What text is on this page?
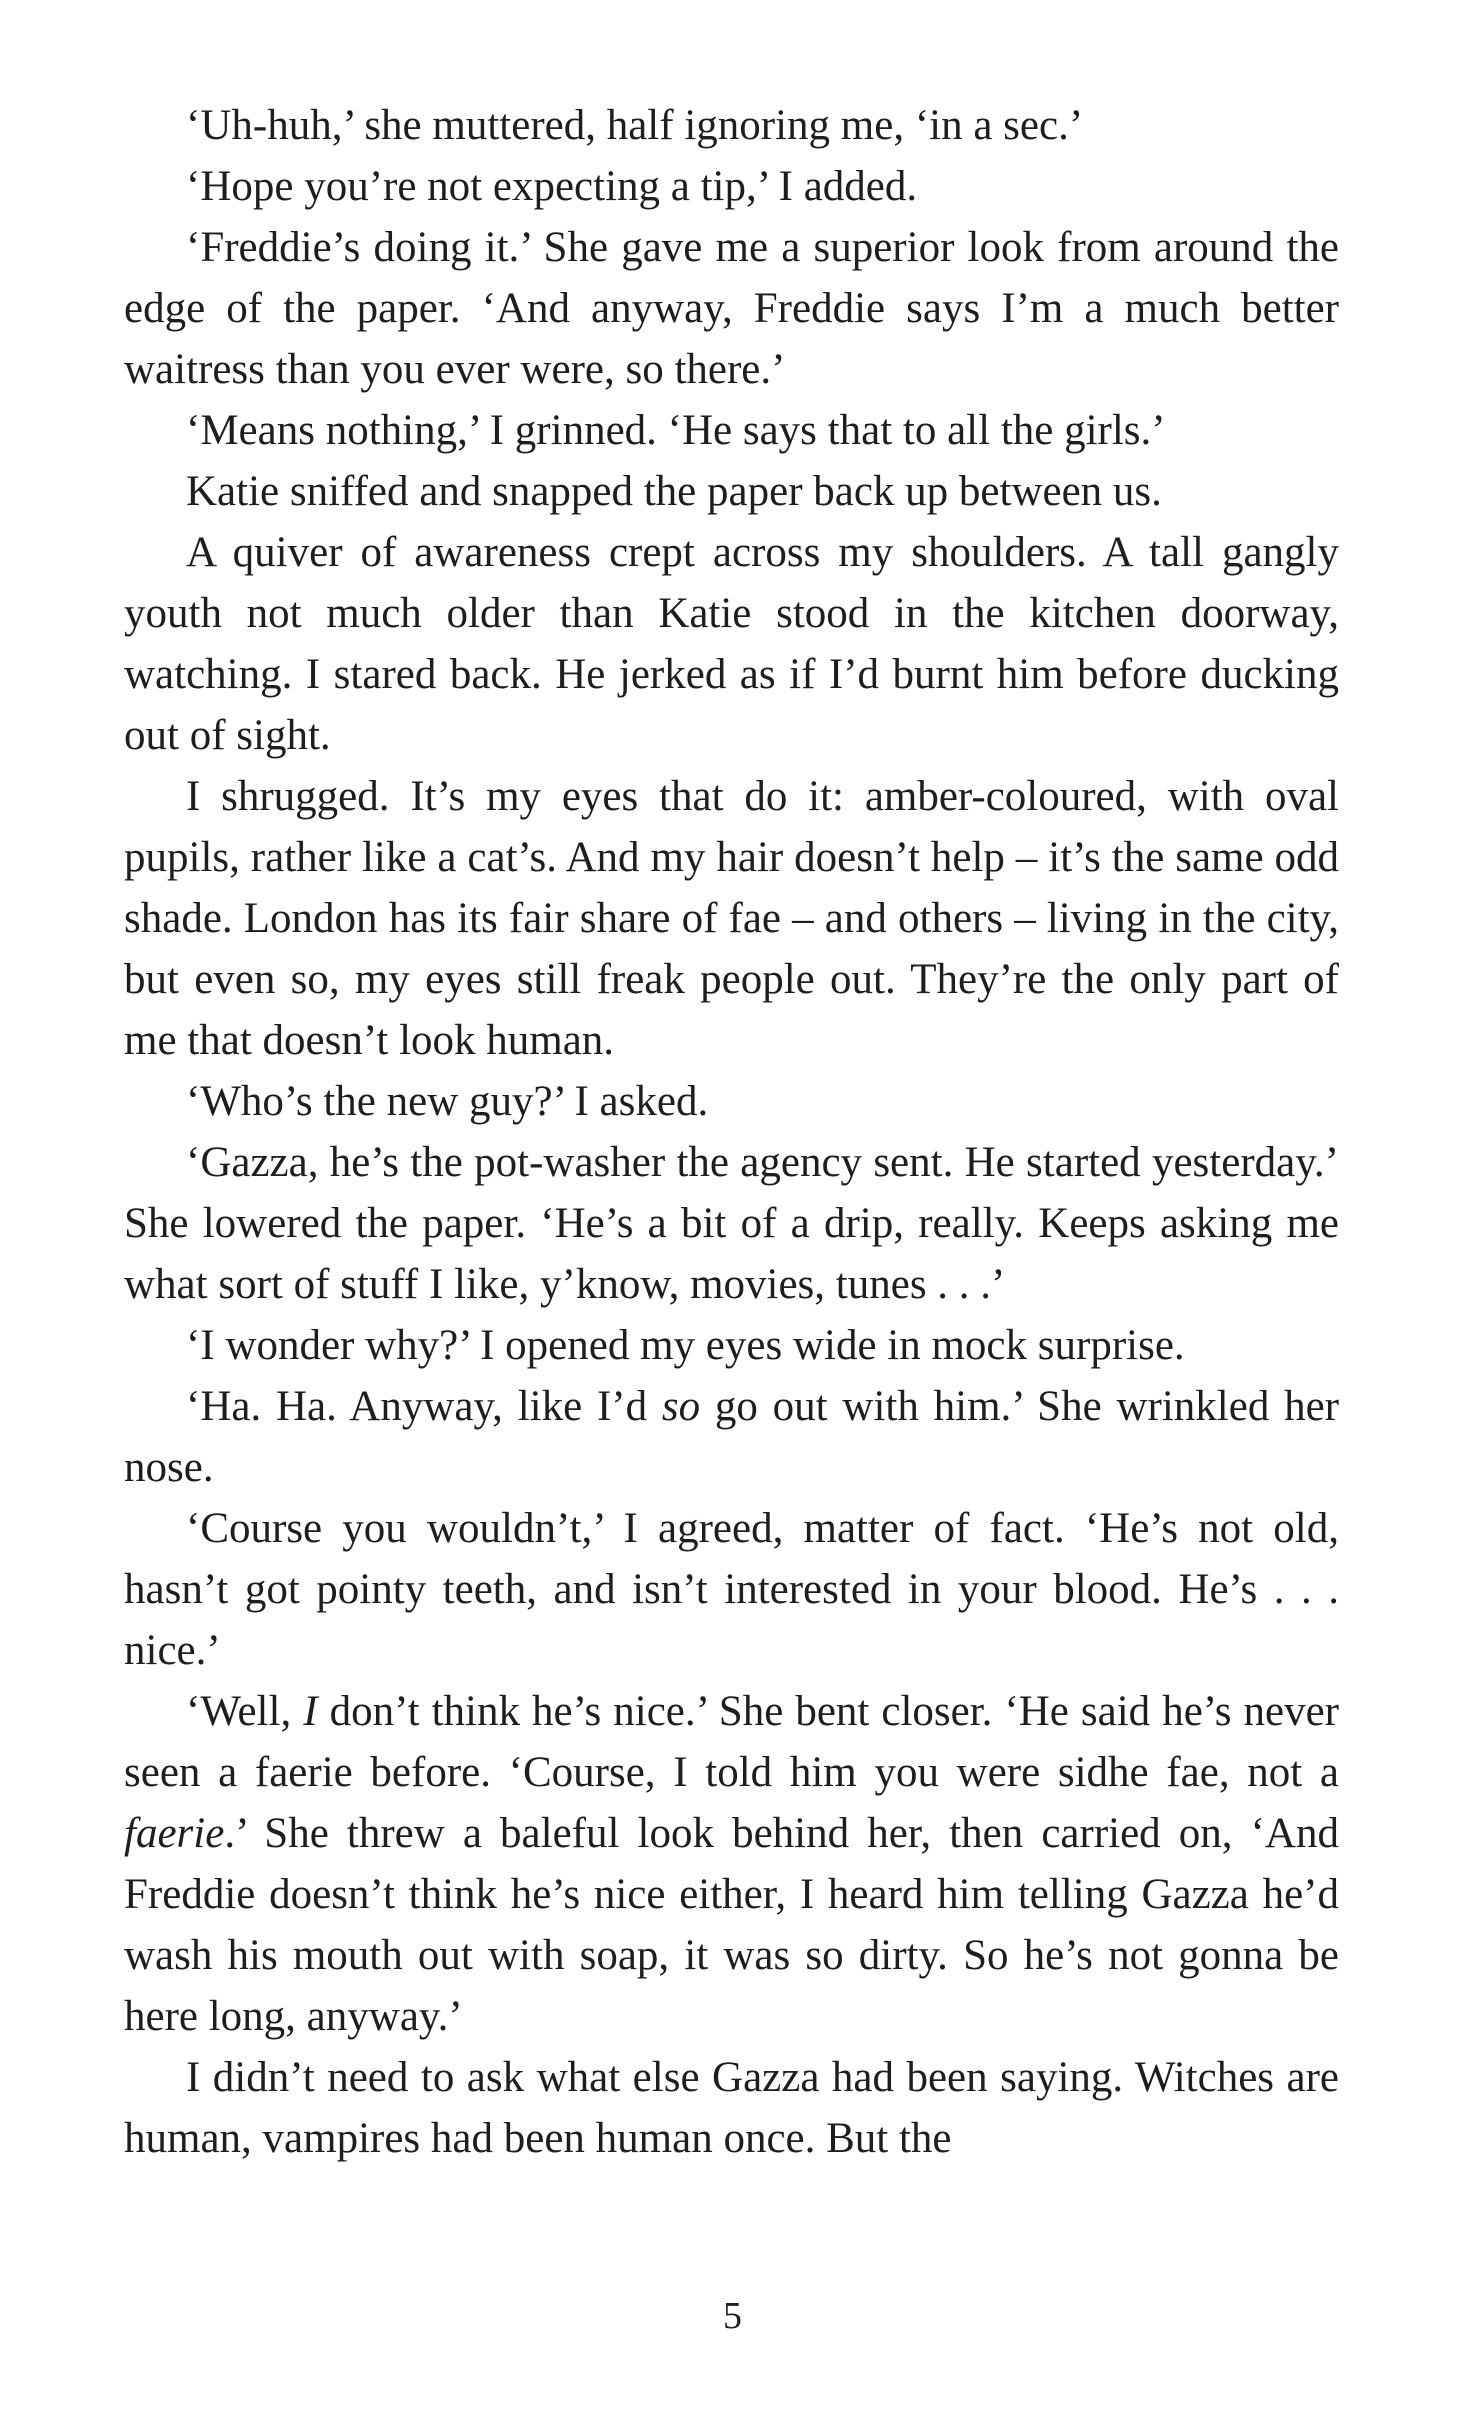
‘Uh-huh,’ she muttered, half ignoring me, ‘in a sec.’

‘Hope you’re not expecting a tip,’ I added.

‘Freddie’s doing it.’ She gave me a superior look from around the edge of the paper. ‘And anyway, Freddie says I’m a much better waitress than you ever were, so there.’

‘Means nothing,’ I grinned. ‘He says that to all the girls.’

Katie sniffed and snapped the paper back up between us.

A quiver of awareness crept across my shoulders. A tall gangly youth not much older than Katie stood in the kitchen doorway, watching. I stared back. He jerked as if I’d burnt him before ducking out of sight.

I shrugged. It’s my eyes that do it: amber-coloured, with oval pupils, rather like a cat’s. And my hair doesn’t help – it’s the same odd shade. London has its fair share of fae – and others – living in the city, but even so, my eyes still freak people out. They’re the only part of me that doesn’t look human.

‘Who’s the new guy?’ I asked.

‘Gazza, he’s the pot-washer the agency sent. He started yesterday.’ She lowered the paper. ‘He’s a bit of a drip, really. Keeps asking me what sort of stuff I like, y’know, movies, tunes . . .’

‘I wonder why?’ I opened my eyes wide in mock surprise.

‘Ha. Ha. Anyway, like I’d so go out with him.’ She wrinkled her nose.

‘Course you wouldn’t,’ I agreed, matter of fact. ‘He’s not old, hasn’t got pointy teeth, and isn’t interested in your blood. He’s . . . nice.’

‘Well, I don’t think he’s nice.’ She bent closer. ‘He said he’s never seen a faerie before. ‘Course, I told him you were sidhe fae, not a faerie.’ She threw a baleful look behind her, then carried on, ‘And Freddie doesn’t think he’s nice either, I heard him telling Gazza he’d wash his mouth out with soap, it was so dirty. So he’s not gonna be here long, anyway.’

I didn’t need to ask what else Gazza had been saying. Witches are human, vampires had been human once. But the

5
